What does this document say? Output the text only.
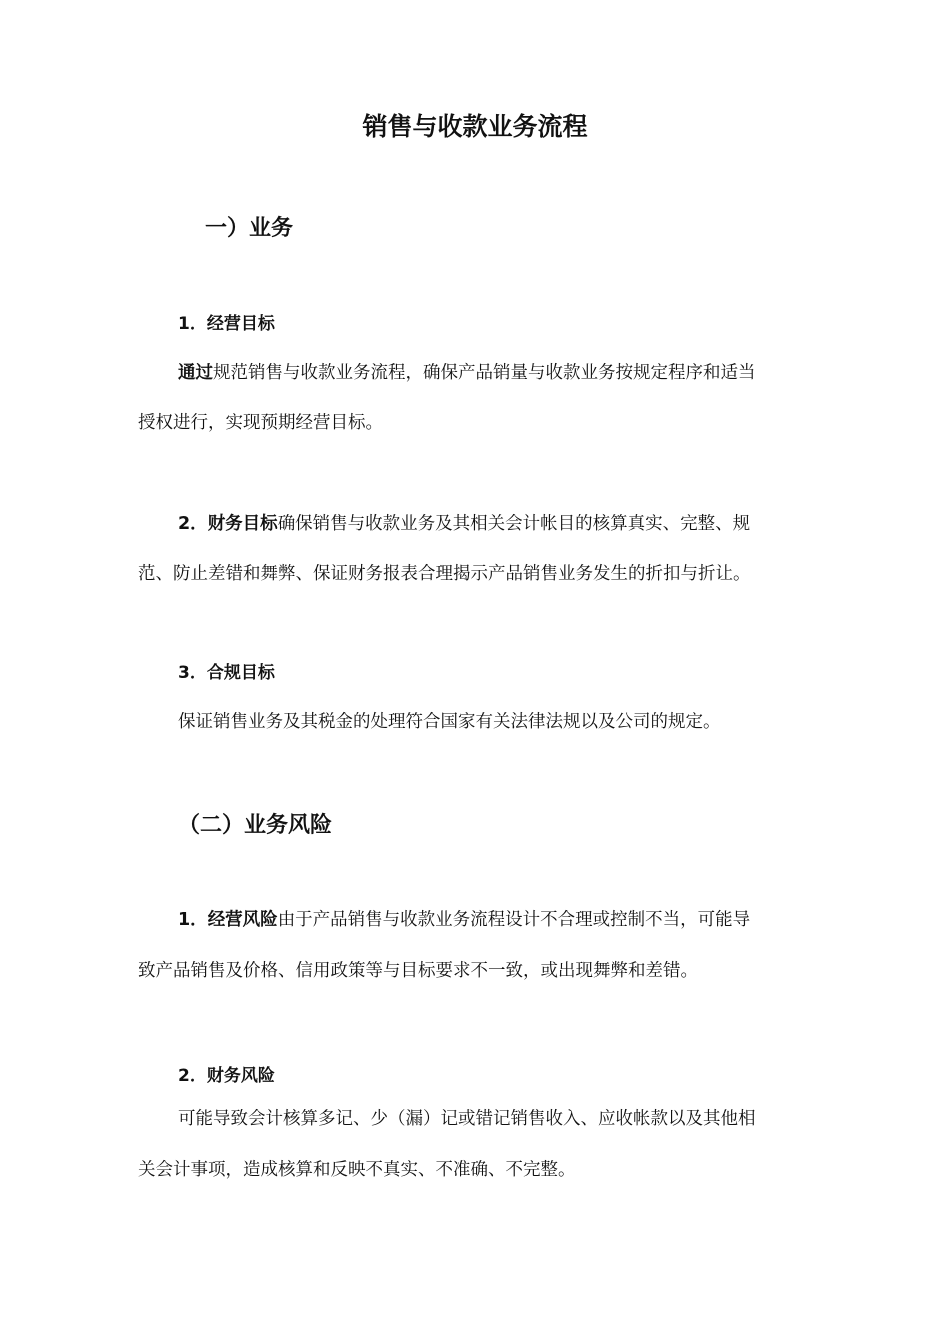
销售与收款业务流程
一）业务
1．经营目标
通过规范销售与收款业务流程，确保产品销量与收款业务按规定程序和适当
授权进行，实现预期经营目标。
2．财务目标确保销售与收款业务及其相关会计帐目的核算真实、完整、规
范、防止差错和舞弊、保证财务报表合理揭示产品销售业务发生的折扣与折让。
3．合规目标
保证销售业务及其税金的处理符合国家有关法律法规以及公司的规定。
（二）业务风险
1．经营风险由于产品销售与收款业务流程设计不合理或控制不当，可能导
致产品销售及价格、信用政策等与目标要求不一致，或出现舞弊和差错。
2．财务风险
可能导致会计核算多记、少（漏）记或错记销售收入、应收帐款以及其他相
关会计事项，造成核算和反映不真实、不准确、不完整。
